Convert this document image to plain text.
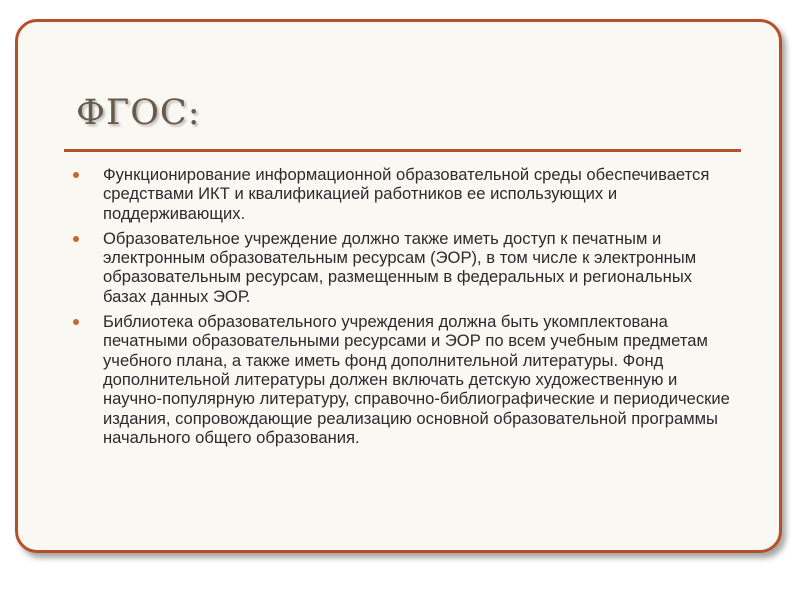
ФГОС:
Функционирование информационной образовательной среды обеспечивается средствами ИКТ и квалификацией работников ее использующих и поддерживающих.
Образовательное учреждение должно также иметь доступ к печатным и электронным образовательным ресурсам (ЭОР), в том числе к электронным образовательным ресурсам, размещенным в федеральных и региональных базах данных ЭОР.
Библиотека образовательного учреждения должна быть укомплектована печатными образовательными ресурсами и ЭОР по всем учебным предметам учебного плана, а также иметь фонд дополнительной литературы. Фонд дополнительной литературы должен включать детскую художественную и научно-популярную литературу, справочно-библиографические и периодические издания, сопровождающие реализацию основной образовательной программы начального общего образования.
